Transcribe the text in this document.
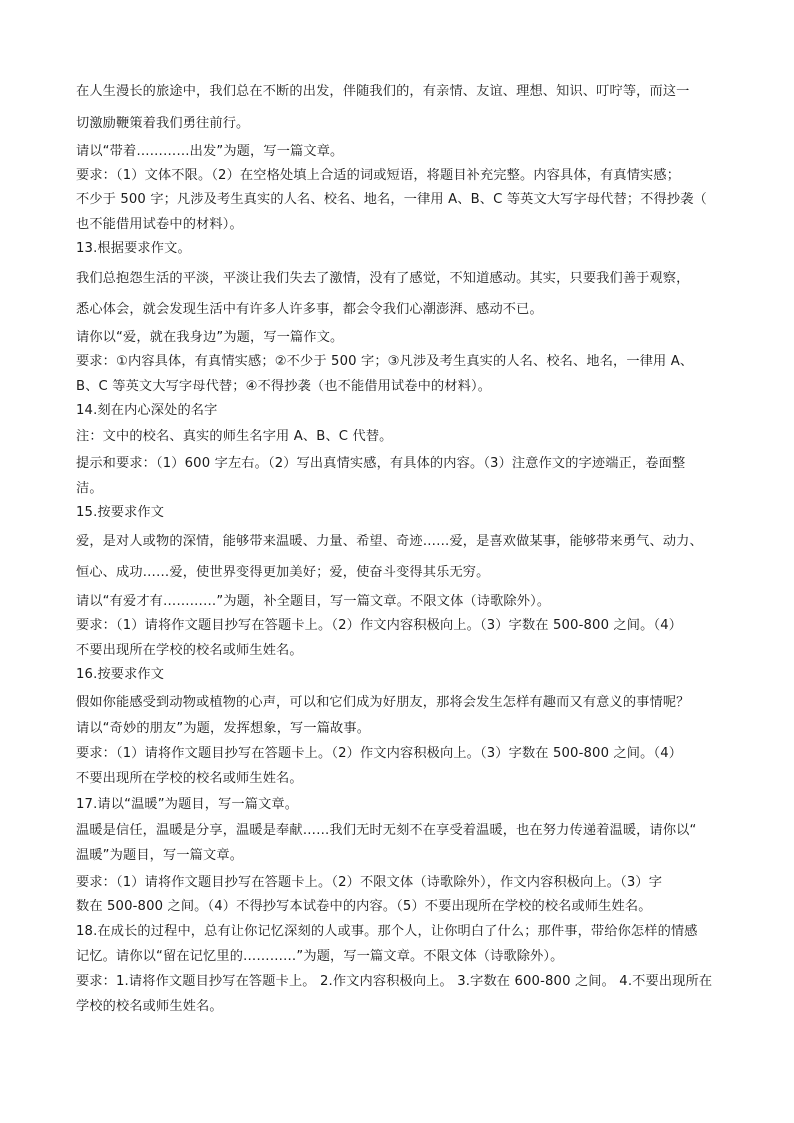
在人生漫长的旅途中，我们总在不断的出发，伴随我们的，有亲情、友谊、理想、知识、叮咛等，而这一
切激励鞭策着我们勇往前行。
请以“带着…………出发”为题，写一篇文章。
要求：（1）文体不限。（2）在空格处填上合适的词或短语，将题目补充完整。内容具体，有真情实感；
不少于 500 字；凡涉及考生真实的人名、校名、地名，一律用 A、B、C 等英文大写字母代替；不得抄袭（
也不能借用试卷中的材料）。
13.根据要求作文。
我们总抱怨生活的平淡，平淡让我们失去了激情，没有了感觉，不知道感动。其实，只要我们善于观察，
悉心体会，就会发现生活中有许多人许多事，都会令我们心潮澎湃、感动不已。
请你以“爱，就在我身边”为题，写一篇作文。
要求：①内容具体，有真情实感；②不少于 500 字；③凡涉及考生真实的人名、校名、地名，一律用 A、
B、C 等英文大写字母代替；④不得抄袭（也不能借用试卷中的材料）。
14.刻在内心深处的名字
注：文中的校名、真实的师生名字用 A、B、C 代替。
提示和要求：（1）600 字左右。（2）写出真情实感，有具体的内容。（3）注意作文的字迹端正，卷面整
洁。
15.按要求作文
爱，是对人或物的深情，能够带来温暖、力量、希望、奇迹……爱，是喜欢做某事，能够带来勇气、动力、
恒心、成功……爱，使世界变得更加美好；爱，使奋斗变得其乐无穷。
请以“有爱才有…………”为题，补全题目，写一篇文章。不限文体（诗歌除外）。
要求：（1）请将作文题目抄写在答题卡上。（2）作文内容积极向上。（3）字数在 500-800 之间。（4）
不要出现所在学校的校名或师生姓名。
16.按要求作文
假如你能感受到动物或植物的心声，可以和它们成为好朋友，那将会发生怎样有趣而又有意义的事情呢？
请以“奇妙的朋友”为题，发挥想象，写一篇故事。
要求：（1）请将作文题目抄写在答题卡上。（2）作文内容积极向上。（3）字数在 500-800 之间。（4）
不要出现所在学校的校名或师生姓名。
17.请以“温暖”为题目，写一篇文章。
温暖是信任，温暖是分享，温暖是奉献……我们无时无刻不在享受着温暖，也在努力传递着温暖，请你以“
温暖”为题目，写一篇文章。
要求：（1）请将作文题目抄写在答题卡上。（2）不限文体（诗歌除外），作文内容积极向上。（3）字
数在 500-800 之间。（4）不得抄写本试卷中的内容。（5）不要出现所在学校的校名或师生姓名。
18.在成长的过程中，总有让你记忆深刻的人或事。那个人，让你明白了什么；那件事，带给你怎样的情感
记忆。请你以“留在记忆里的…………”为题，写一篇文章。不限文体（诗歌除外）。
要求：1.请将作文题目抄写在答题卡上。 2.作文内容积极向上。 3.字数在 600-800 之间。 4.不要出现所在
学校的校名或师生姓名。
